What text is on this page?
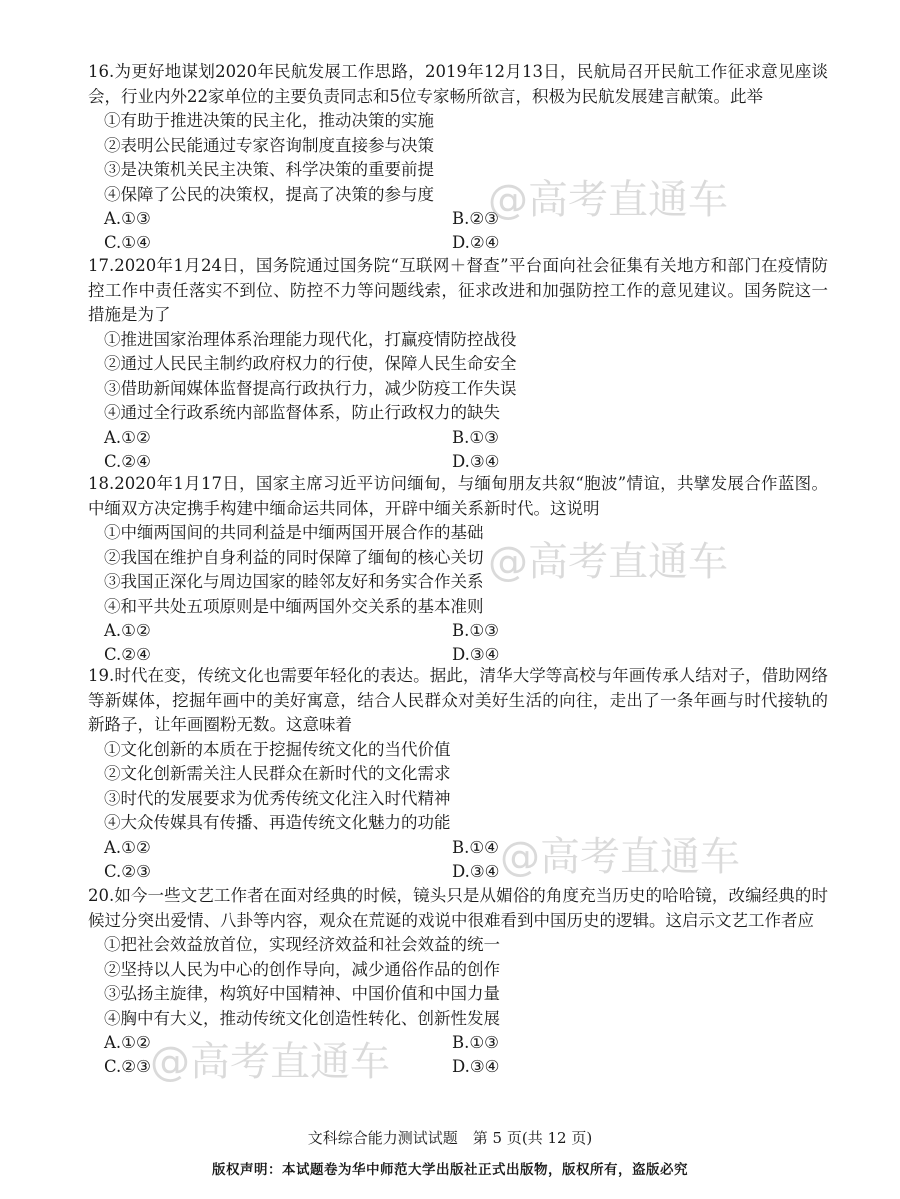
16.为更好地谋划2020年民航发展工作思路，2019年12月13日，民航局召开民航工作征求意见座谈会，行业内外22家单位的主要负责同志和5位专家畅所欲言，积极为民航发展建言献策。此举

①有助于推进决策的民主化，推动决策的实施

②表明公民能通过专家咨询制度直接参与决策

③是决策机关民主决策、科学决策的重要前提

④保障了公民的决策权，提高了决策的参与度

A.①③	B.②③
C.①④	D.②④

17.2020年1月24日，国务院通过国务院“互联网＋督查”平台面向社会征集有关地方和部门在疫情防控工作中责任落实不到位、防控不力等问题线索，征求改进和加强防控工作的意见建议。国务院这一措施是为了

①推进国家治理体系治理能力现代化，打赢疫情防控战役

②通过人民民主制约政府权力的行使，保障人民生命安全

③借助新闻媒体监督提高行政执行力，减少防疫工作失误

④通过全行政系统内部监督体系，防止行政权力的缺失

A.①②	B.①③
C.②④	D.③④

18.2020年1月17日，国家主席习近平访问缅甸，与缅甸朋友共叙“胞波”情谊，共擘发展合作蓝图。中缅双方决定携手构建中缅命运共同体，开辟中缅关系新时代。这说明

①中缅两国间的共同利益是中缅两国开展合作的基础

②我国在维护自身利益的同时保障了缅甸的核心关切

③我国正深化与周边国家的睦邻友好和务实合作关系

④和平共处五项原则是中缅两国外交关系的基本准则

A.①②	B.①③
C.②④	D.③④

19.时代在变，传统文化也需要年轻化的表达。据此，清华大学等高校与年画传承人结对子，借助网络等新媒体，挖掘年画中的美好寓意，结合人民群众对美好生活的向往，走出了一条年画与时代接轨的新路子，让年画圈粉无数。这意味着

①文化创新的本质在于挖掘传统文化的当代价值

②文化创新需关注人民群众在新时代的文化需求

③时代的发展要求为优秀传统文化注入时代精神

④大众传媒具有传播、再造传统文化魅力的功能

A.①②	B.①④
C.②③	D.③④

20.如今一些文艺工作者在面对经典的时候，镜头只是从媚俗的角度充当历史的哈哈镜，改编经典的时候过分突出爱情、八卦等内容，观众在荒诞的戏说中很难看到中国历史的逻辑。这启示文艺工作者应

①把社会效益放首位，实现经济效益和社会效益的统一

②坚持以人民为中心的创作导向，减少通俗作品的创作

③弘扬主旋律，构筑好中国精神、中国价值和中国力量

④胸中有大义，推动传统文化创造性转化、创新性发展

A.①②	B.①③
C.②③	D.③④
文科综合能力测试试题　第 5 页(共 12 页)
版权声明：本试题卷为华中师范大学出版社正式出版物，版权所有，盗版必究
@高考直通车
@高考直通车
@高考直通车
@高考直通车
